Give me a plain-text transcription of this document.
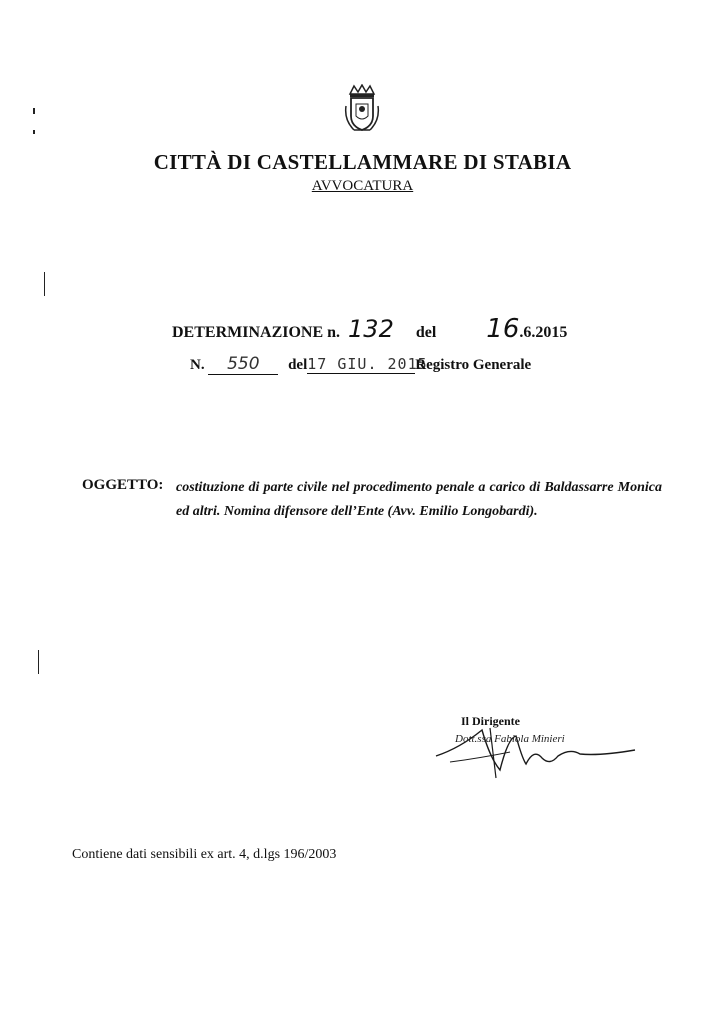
CITTÀ DI CASTELLAMMARE DI STABIA
AVVOCATURA
DETERMINAZIONE n. 132 del 16.6.2015
N. 550 del17 GIU. 2015Registro Generale
OGGETTO: costituzione di parte civile nel procedimento penale a carico di Baldassarre Monica ed altri. Nomina difensore dell’Ente (Avv. Emilio Longobardi).
Il Dirigente
Dott.ssa Fabiola Minieri
Contiene dati sensibili ex art. 4, d.lgs 196/2003
